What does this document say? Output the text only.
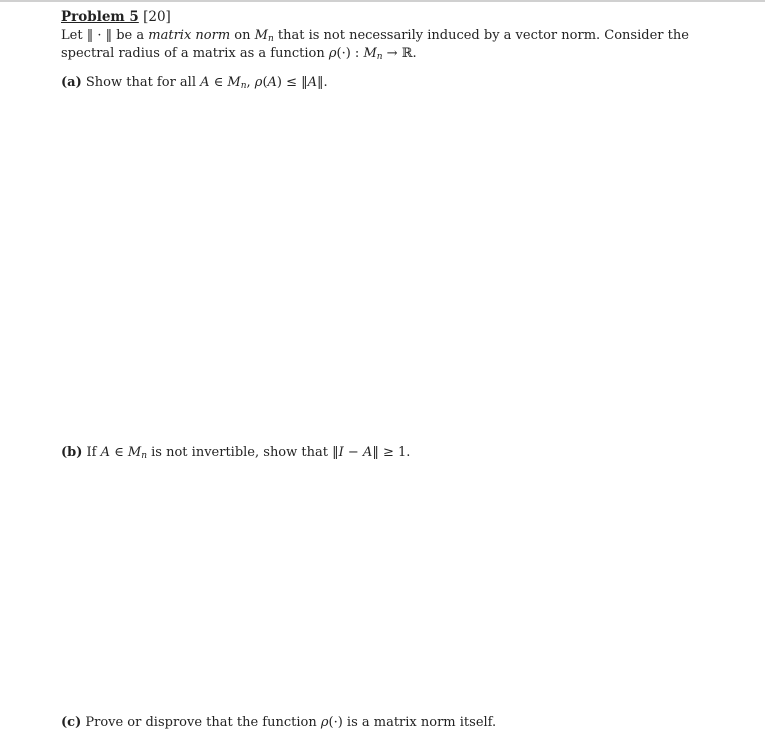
Problem 5 [20]
Let ‖ · ‖ be a matrix norm on $M_n$ that is not necessarily induced by a vector norm. Consider the
spectral radius of a matrix as a function ρ(·) : $M_n$ → ℝ.
(a) Show that for all A ∈ $M_n$, ρ(A) ≤ ‖A‖.
(b) If A ∈ $M_n$ is not invertible, show that ‖I − A‖ ≥ 1.
(c) Prove or disprove that the function ρ(·) is a matrix norm itself.
